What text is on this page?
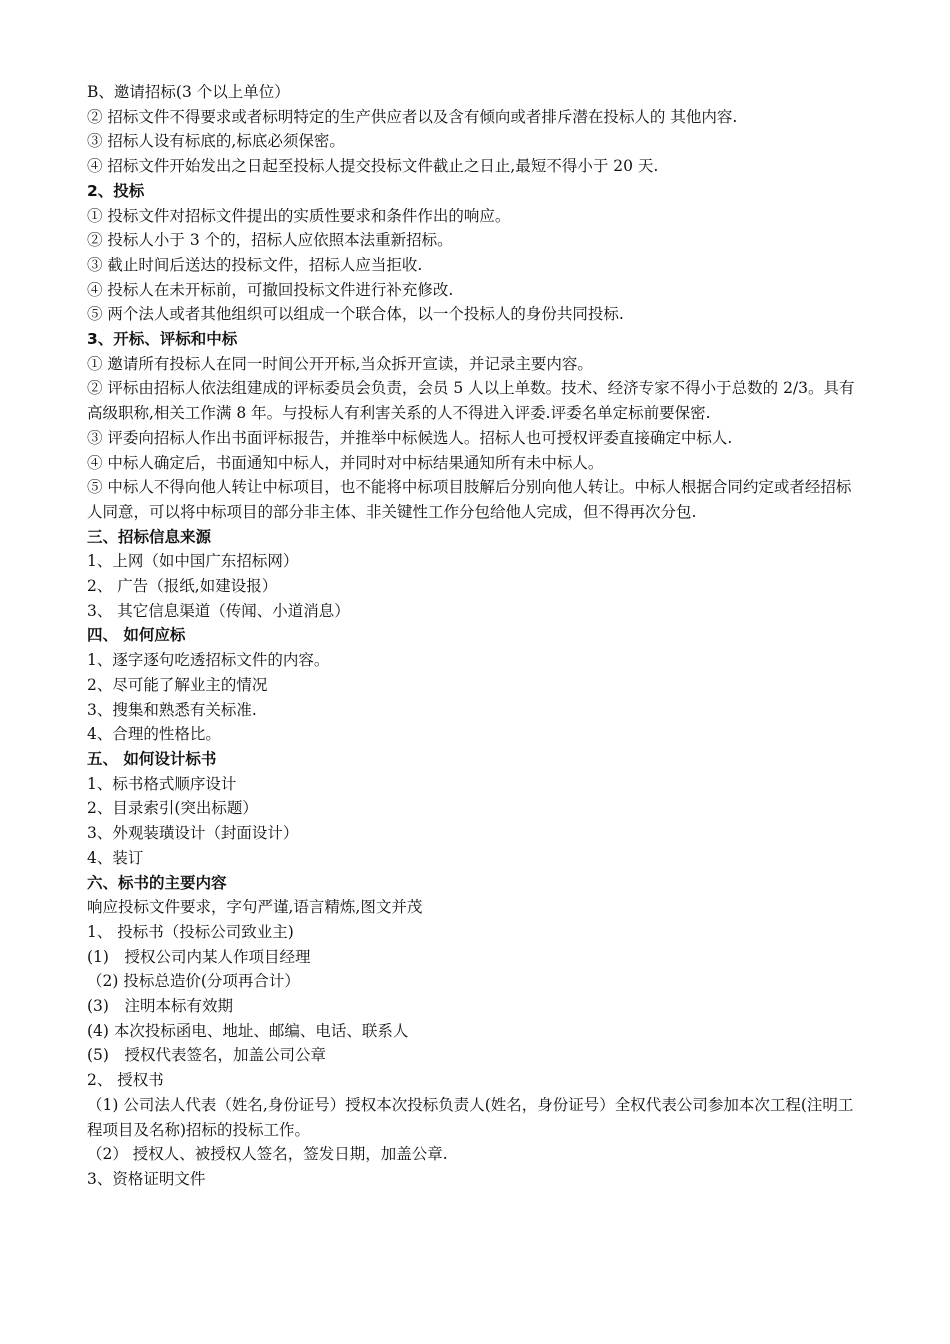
B、邀请招标(3 个以上单位）

② 招标文件不得要求或者标明特定的生产供应者以及含有倾向或者排斥潜在投标人的 其他内容.

③ 招标人设有标底的,标底必须保密。

④ 招标文件开始发出之日起至投标人提交投标文件截止之日止,最短不得小于 20 天.

2、投标

① 投标文件对招标文件提出的实质性要求和条件作出的响应。

② 投标人小于 3 个的，招标人应依照本法重新招标。

③ 截止时间后送达的投标文件，招标人应当拒收.

④ 投标人在未开标前，可撤回投标文件进行补充修改.

⑤ 两个法人或者其他组织可以组成一个联合体，以一个投标人的身份共同投标.

3、开标、评标和中标

① 邀请所有投标人在同一时间公开开标,当众拆开宣读，并记录主要内容。

② 评标由招标人依法组建成的评标委员会负责，会员 5 人以上单数。技术、经济专家不得小于总数的 2/3。具有高级职称,相关工作满 8 年。与投标人有利害关系的人不得进入评委.评委名单定标前要保密.

③ 评委向招标人作出书面评标报告，并推举中标候选人。招标人也可授权评委直接确定中标人.

④ 中标人确定后，书面通知中标人，并同时对中标结果通知所有未中标人。

⑤ 中标人不得向他人转让中标项目，也不能将中标项目肢解后分别向他人转让。中标人根据合同约定或者经招标人同意，可以将中标项目的部分非主体、非关键性工作分包给他人完成，但不得再次分包.

三、招标信息来源

1、上网（如中国广东招标网）

2、 广告（报纸,如建设报）

3、 其它信息渠道（传闻、小道消息）

四、 如何应标

1、逐字逐句吃透招标文件的内容。

2、尽可能了解业主的情况

3、搜集和熟悉有关标准.

4、合理的性格比。

五、 如何设计标书

1、标书格式顺序设计

2、目录索引(突出标题）

3、外观装璜设计（封面设计）

4、装订

六、标书的主要内容

响应投标文件要求，字句严谨,语言精炼,图文并茂

1、 投标书（投标公司致业主)

(1)　授权公司内某人作项目经理

（2) 投标总造价(分项再合计）

(3)　注明本标有效期

(4) 本次投标函电、地址、邮编、电话、联系人

(5)　授权代表签名，加盖公司公章

2、 授权书

（1) 公司法人代表（姓名,身份证号）授权本次投标负责人(姓名，身份证号）全权代表公司参加本次工程(注明工程项目及名称)招标的投标工作。

（2） 授权人、被授权人签名，签发日期，加盖公章.

3、资格证明文件
